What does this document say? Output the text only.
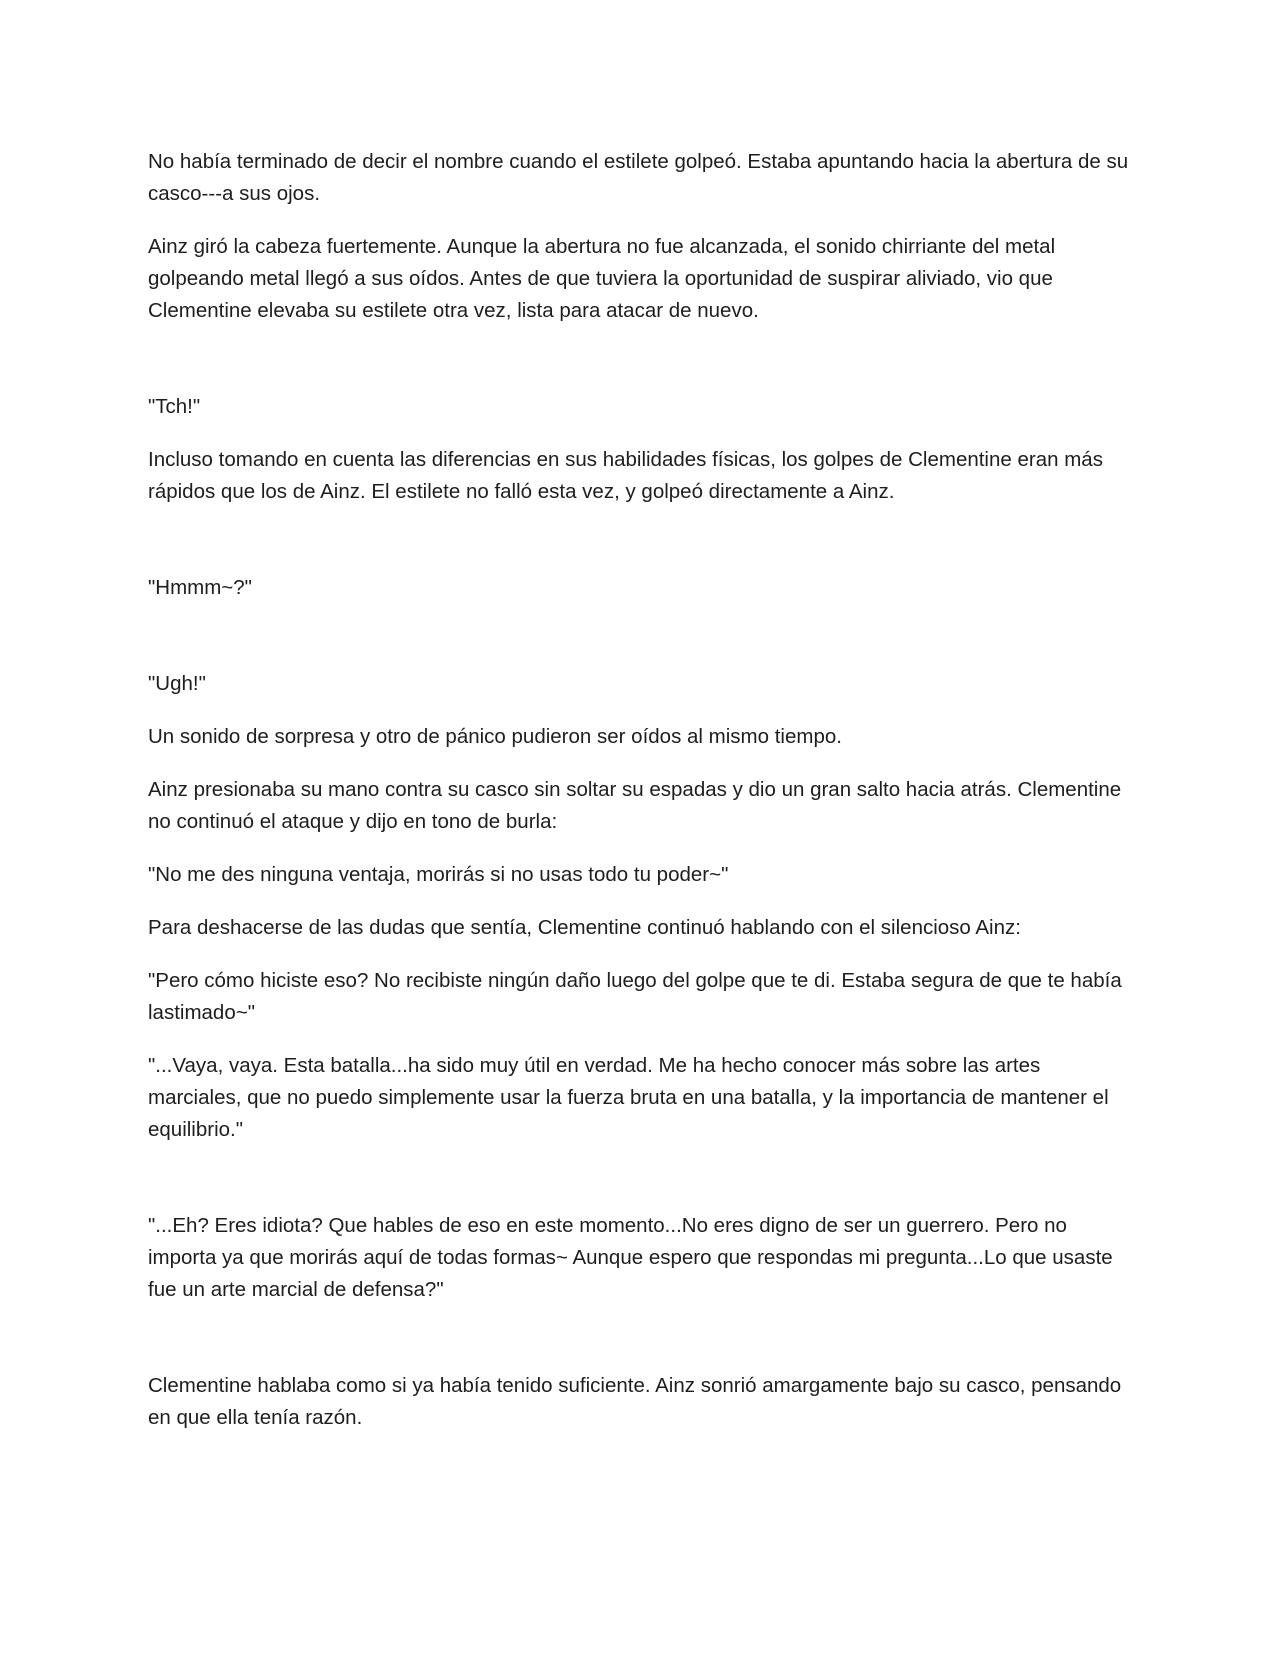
No había terminado de decir el nombre cuando el estilete golpeó. Estaba apuntando hacia la abertura de su casco---a sus ojos.

Ainz giró la cabeza fuertemente. Aunque la abertura no fue alcanzada, el sonido chirriante del metal golpeando metal llegó a sus oídos. Antes de que tuviera la oportunidad de suspirar aliviado, vio que Clementine elevaba su estilete otra vez, lista para atacar de nuevo.

"Tch!"

Incluso tomando en cuenta las diferencias en sus habilidades físicas, los golpes de Clementine eran más rápidos que los de Ainz. El estilete no falló esta vez, y golpeó directamente a Ainz.

"Hmmm~?"

"Ugh!"

Un sonido de sorpresa y otro de pánico pudieron ser oídos al mismo tiempo.

Ainz presionaba su mano contra su casco sin soltar su espadas y dio un gran salto hacia atrás. Clementine no continuó el ataque y dijo en tono de burla:

"No me des ninguna ventaja, morirás si no usas todo tu poder~"

Para deshacerse de las dudas que sentía, Clementine continuó hablando con el silencioso Ainz:

"Pero cómo hiciste eso? No recibiste ningún daño luego del golpe que te di. Estaba segura de que te había lastimado~"

"...Vaya, vaya. Esta batalla...ha sido muy útil en verdad. Me ha hecho conocer más sobre las artes marciales, que no puedo simplemente usar la fuerza bruta en una batalla, y la importancia de mantener el equilibrio."

"...Eh? Eres idiota? Que hables de eso en este momento...No eres digno de ser un guerrero. Pero no importa ya que morirás aquí de todas formas~ Aunque espero que respondas mi pregunta...Lo que usaste fue un arte marcial de defensa?"

Clementine hablaba como si ya había tenido suficiente. Ainz sonrió amargamente bajo su casco, pensando en que ella tenía razón.
